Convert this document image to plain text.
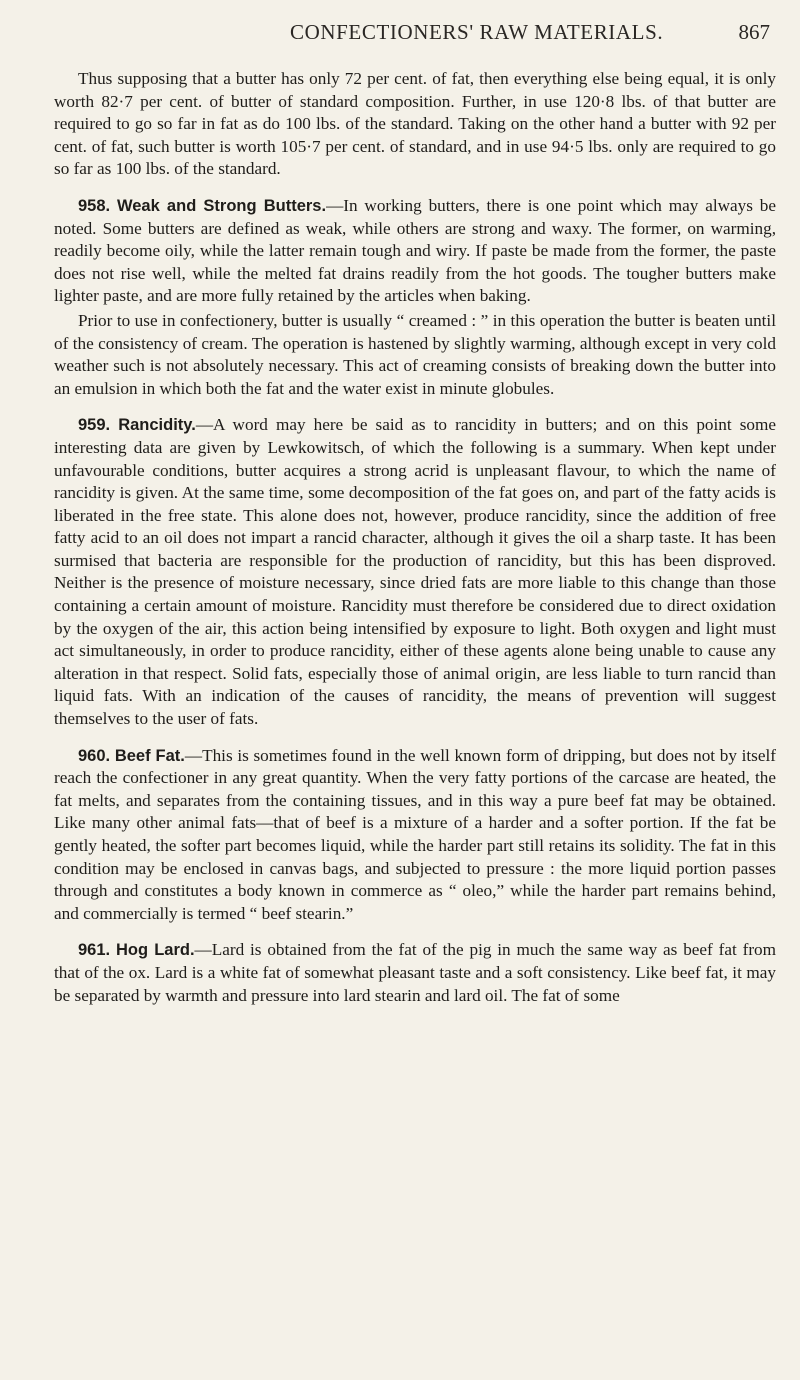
CONFECTIONERS' RAW MATERIALS.	867

Thus supposing that a butter has only 72 per cent. of fat, then everything else being equal, it is only worth 82·7 per cent. of butter of standard composition. Further, in use 120·8 lbs. of that butter are required to go so far in fat as do 100 lbs. of the standard. Taking on the other hand a butter with 92 per cent. of fat, such butter is worth 105·7 per cent. of standard, and in use 94·5 lbs. only are required to go so far as 100 lbs. of the standard.

958. Weak and Strong Butters.—In working butters, there is one point which may always be noted. Some butters are defined as weak, while others are strong and waxy. The former, on warming, readily become oily, while the latter remain tough and wiry. If paste be made from the former, the paste does not rise well, while the melted fat drains readily from the hot goods. The tougher butters make lighter paste, and are more fully retained by the articles when baking.

Prior to use in confectionery, butter is usually “ creamed : ” in this operation the butter is beaten until of the consistency of cream. The operation is hastened by slightly warming, although except in very cold weather such is not absolutely necessary. This act of creaming consists of breaking down the butter into an emulsion in which both the fat and the water exist in minute globules.

959. Rancidity.—A word may here be said as to rancidity in butters; and on this point some interesting data are given by Lewkowitsch, of which the following is a summary. When kept under unfavourable conditions, butter acquires a strong acrid is unpleasant flavour, to which the name of rancidity is given. At the same time, some decomposition of the fat goes on, and part of the fatty acids is liberated in the free state. This alone does not, however, produce rancidity, since the addition of free fatty acid to an oil does not impart a rancid character, although it gives the oil a sharp taste. It has been surmised that bacteria are responsible for the production of rancidity, but this has been disproved. Neither is the presence of moisture necessary, since dried fats are more liable to this change than those containing a certain amount of moisture. Rancidity must therefore be considered due to direct oxidation by the oxygen of the air, this action being intensified by exposure to light. Both oxygen and light must act simultaneously, in order to produce rancidity, either of these agents alone being unable to cause any alteration in that respect. Solid fats, especially those of animal origin, are less liable to turn rancid than liquid fats. With an indication of the causes of rancidity, the means of prevention will suggest themselves to the user of fats.

960. Beef Fat.—This is sometimes found in the well known form of dripping, but does not by itself reach the confectioner in any great quantity. When the very fatty portions of the carcase are heated, the fat melts, and separates from the containing tissues, and in this way a pure beef fat may be obtained. Like many other animal fats—that of beef is a mixture of a harder and a softer portion. If the fat be gently heated, the softer part becomes liquid, while the harder part still retains its solidity. The fat in this condition may be enclosed in canvas bags, and subjected to pressure : the more liquid portion passes through and constitutes a body known in commerce as “ oleo,” while the harder part remains behind, and commercially is termed “ beef stearin.”

961. Hog Lard.—Lard is obtained from the fat of the pig in much the same way as beef fat from that of the ox. Lard is a white fat of somewhat pleasant taste and a soft consistency. Like beef fat, it may be separated by warmth and pressure into lard stearin and lard oil. The fat of some
